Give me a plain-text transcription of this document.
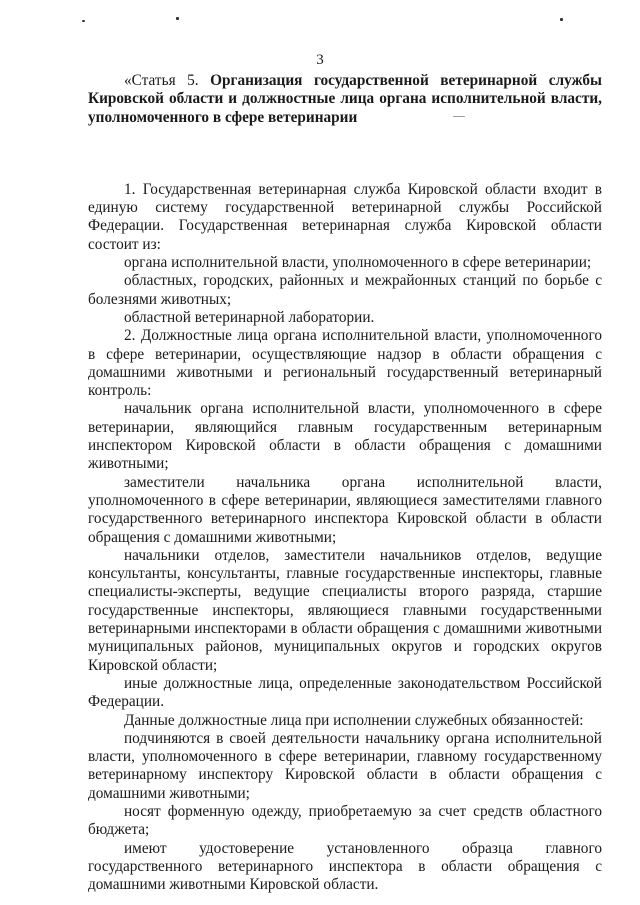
3

«Статья 5. Организация государственной ветеринарной службы Кировской области и должностные лица органа исполнительной власти, уполномоченного в сфере ветеринарии

1. Государственная ветеринарная служба Кировской области входит в единую систему государственной ветеринарной службы Российской Федерации. Государственная ветеринарная служба Кировской области состоит из:

органа исполнительной власти, уполномоченного в сфере ветеринарии;

областных, городских, районных и межрайонных станций по борьбе с болезнями животных;

областной ветеринарной лаборатории.

2. Должностные лица органа исполнительной власти, уполномоченного в сфере ветеринарии, осуществляющие надзор в области обращения с домашними животными и региональный государственный ветеринарный контроль:

начальник органа исполнительной власти, уполномоченного в сфере ветеринарии, являющийся главным государственным ветеринарным инспектором Кировской области в области обращения с домашними животными;

заместители начальника органа исполнительной власти, уполномоченного в сфере ветеринарии, являющиеся заместителями главного государственного ветеринарного инспектора Кировской области в области обращения с домашними животными;

начальники отделов, заместители начальников отделов, ведущие консультанты, консультанты, главные государственные инспекторы, главные специалисты-эксперты, ведущие специалисты второго разряда, старшие государственные инспекторы, являющиеся главными государственными ветеринарными инспекторами в области обращения с домашними животными муниципальных районов, муниципальных округов и городских округов Кировской области;

иные должностные лица, определенные законодательством Российской Федерации.

Данные должностные лица при исполнении служебных обязанностей:

подчиняются в своей деятельности начальнику органа исполнительной власти, уполномоченного в сфере ветеринарии, главному государственному ветеринарному инспектору Кировской области в области обращения с домашними животными;

носят форменную одежду, приобретаемую за счет средств областного бюджета;

имеют удостоверение установленного образца главного государственного ветеринарного инспектора в области обращения с домашними животными Кировской области.
